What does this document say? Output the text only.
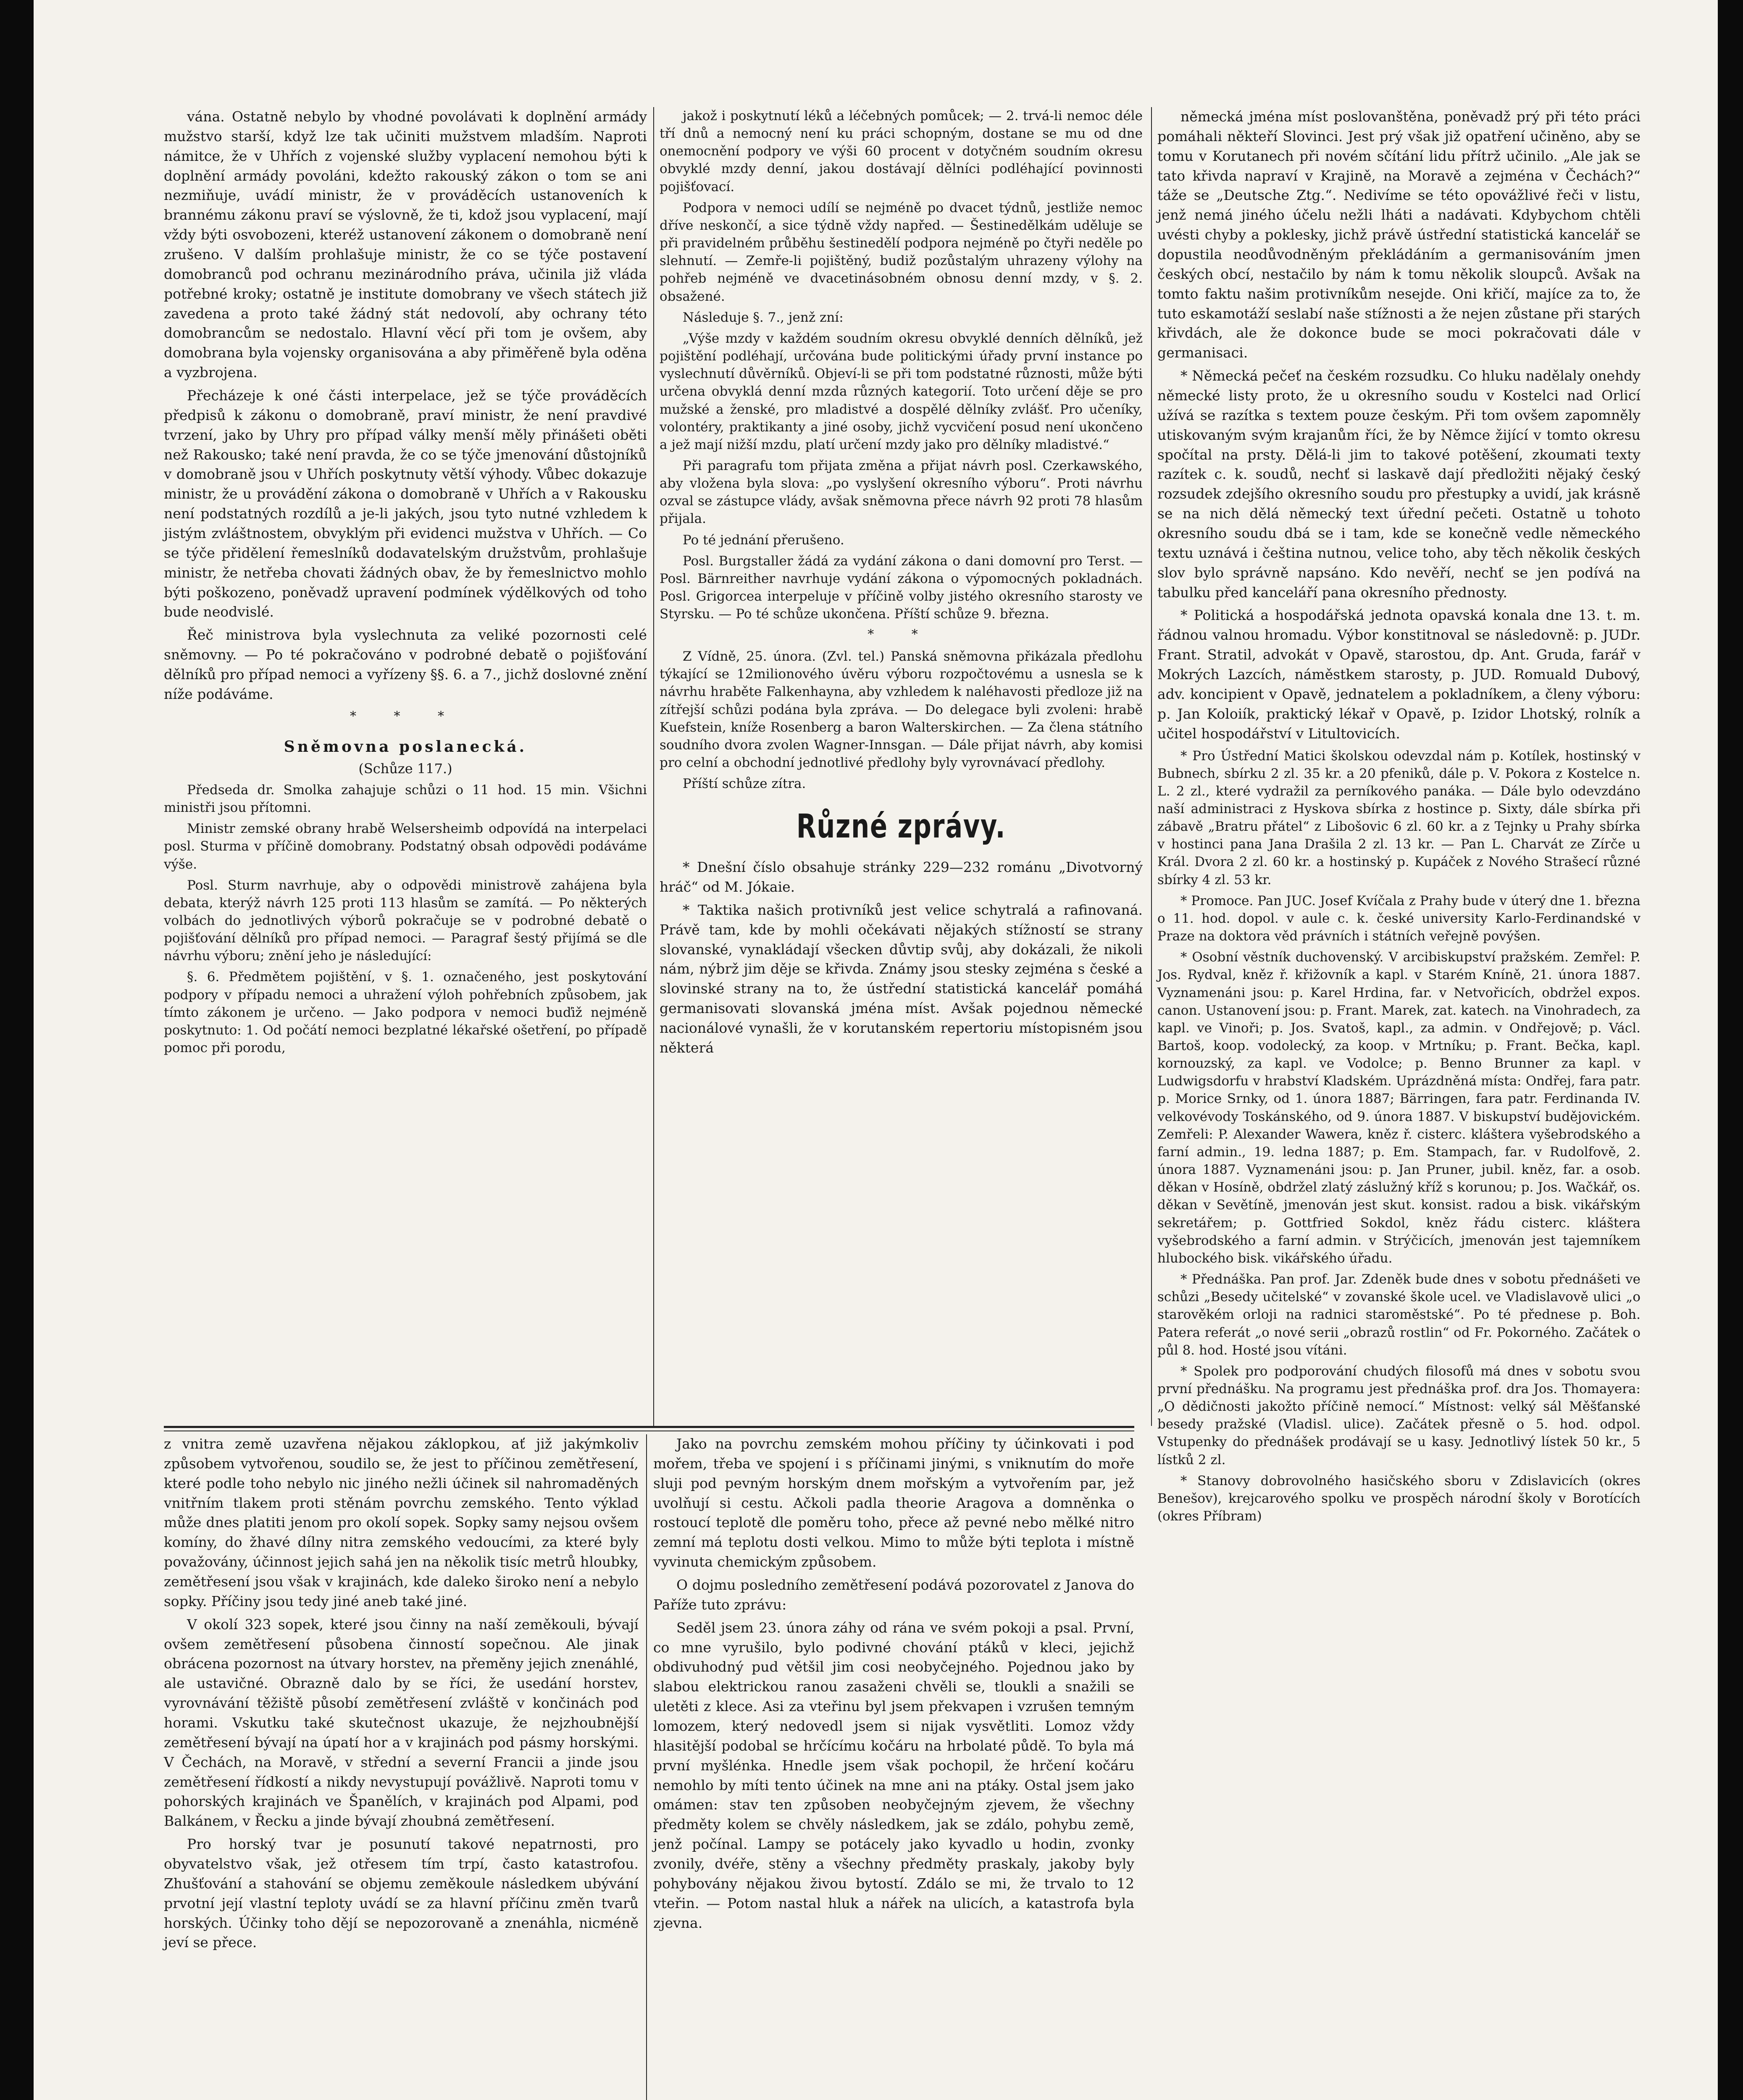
vána. Ostatně nebylo by vhodné povolávati k doplnění armády mužstvo starší, když lze tak učiniti mužstvem mladším. Naproti námitce, že v Uhřích z vojenské služby vyplacení nemohou býti k doplnění armády povoláni, kdežto rakouský zákon o tom se ani nezmiňuje, uvádí ministr, že v prováděcích ustanoveních k brannému zákonu praví se výslovně, že ti, kdož jsou vyplacení, mají vždy býti osvobozeni, kteréž ustanovení zákonem o domobraně není zrušeno. V dalším prohlašuje ministr, že co se týče postavení domobranců pod ochranu mezinárodního práva, učinila již vláda potřebné kroky; ostatně je institute domobrany ve všech státech již zavedena a proto také žádný stát nedovolí, aby ochrany této domobrancům se nedostalo. Hlavní věcí při tom je ovšem, aby domobrana byla vojensky organisována a aby přiměřeně byla oděna a vyzbrojena.

Přecházeje k oné části interpelace, jež se týče prováděcích předpisů k zákonu o domobraně, praví ministr, že není pravdivé tvrzení, jako by Uhry pro případ války menší měly přinášeti oběti než Rakousko; také není pravda, že co se týče jmenování důstojníků v domobraně jsou v Uhřích poskytnuty větší výhody. Vůbec dokazuje ministr, že u provádění zákona o domobraně v Uhřích a v Rakousku není podstatných rozdílů a je-li jakých, jsou tyto nutné vzhledem k jistým zvláštnostem, obvyklým při evidenci mužstva v Uhřích. — Co se týče přidělení řemeslníků dodavatelským družstvům, prohlašuje ministr, že netřeba chovati žádných obav, že by řemeslnictvo mohlo býti poškozeno, poněvadž upravení podmínek výdělkových od toho bude neodvislé.

Řeč ministrova byla vyslechnuta za veliké pozornosti celé sněmovny. — Po té pokračováno v podrobné debatě o pojišťování dělníků pro případ nemoci a vyřízeny §§. 6. a 7., jichž doslovné znění níže podáváme.

* * *
Sněmovna poslanecká.
(Schůze 117.)

Předseda dr. Smolka zahajuje schůzi o 11 hod. 15 min. Všichni ministři jsou přítomni.

Ministr zemské obrany hrabě Welsersheimb odpovídá na interpelaci posl. Sturma v příčině domobrany. Podstatný obsah odpovědi podáváme výše.

Posl. Sturm navrhuje, aby o odpovědi ministrově zahájena byla debata, kterýž návrh 125 proti 113 hlasům se zamítá. — Po některých volbách do jednotlivých výborů pokračuje se v podrobné debatě o pojišťování dělníků pro případ nemoci. — Paragraf šestý přijímá se dle návrhu výboru; znění jeho je následující:

§. 6. Předmětem pojištění, v §. 1. označeného, jest poskytování podpory v případu nemoci a uhražení výloh pohřebních způsobem, jak tímto zákonem je určeno. — Jako podpora v nemoci buďiž nejméně poskytnuto: 1. Od počátí nemoci bezplatné lékařské ošetření, po případě pomoc při porodu,

jakož i poskytnutí léků a léčebných pomůcek; — 2. trvá-li nemoc déle tří dnů a nemocný není ku práci schopným, dostane se mu od dne onemocnění podpory ve výši 60 procent v dotyčném soudním okresu obvyklé mzdy denní, jakou dostávají dělníci podléhající povinnosti pojišťovací.

Podpora v nemoci udílí se nejméně po dvacet týdnů, jestliže nemoc dříve neskončí, a sice týdně vždy napřed. — Šestinedělkám uděluje se při pravidelném průběhu šestinedělí podpora nejméně po čtyři neděle po slehnutí. — Zemře-li pojištěný, budiž pozůstalým uhrazeny výlohy na pohřeb nejméně ve dvacetinásobném obnosu denní mzdy, v §. 2. obsažené.

Následuje §. 7., jenž zní:

„Výše mzdy v každém soudním okresu obvyklé denních dělníků, jež pojištění podléhají, určována bude politickými úřady první instance po vyslechnutí důvěrníků. Objeví-li se při tom podstatné různosti, může býti určena obvyklá denní mzda různých kategorií. Toto určení děje se pro mužské a ženské, pro mladistvé a dospělé dělníky zvlášť. Pro učeníky, volontéry, praktikanty a jiné osoby, jichž vycvičení posud není ukončeno a jež mají nižší mzdu, platí určení mzdy jako pro dělníky mladistvé.“

Při paragrafu tom přijata změna a přijat návrh posl. Czerkawského, aby vložena byla slova: „po vyslyšení okresního výboru“. Proti návrhu ozval se zástupce vlády, avšak sněmovna přece návrh 92 proti 78 hlasům přijala.

Po té jednání přerušeno.

Posl. Burgstaller žádá za vydání zákona o dani domovní pro Terst. — Posl. Bärnreither navrhuje vydání zákona o výpomocných pokladnách. Posl. Grigorcea interpeluje v příčině volby jistého okresního starosty ve Styrsku. — Po té schůze ukončena. Příští schůze 9. března.

* *

Z Vídně, 25. února. (Zvl. tel.) Panská sněmovna přikázala předlohu týkající se 12milionového úvěru výboru rozpočtovému a usnesla se k návrhu hraběte Falkenhayna, aby vzhledem k naléhavosti předloze již na zítřejší schůzi podána byla zpráva. — Do delegace byli zvoleni: hrabě Kuefstein, kníže Rosenberg a baron Walterskirchen. — Za člena státního soudního dvora zvolen Wagner-Innsgan. — Dále přijat návrh, aby komisi pro celní a obchodní jednotlivé předlohy byly vyrovnávací předlohy.

Příští schůze zítra.

Různé zprávy.

* Dnešní číslo obsahuje stránky 229—232 románu „Divotvorný hráč“ od M. Jókaie.

* Taktika našich protivníků jest velice schytralá a rafinovaná. Právě tam, kde by mohli očekávati nějakých stížností se strany slovanské, vynakládají všecken důvtip svůj, aby dokázali, že nikoli nám, nýbrž jim děje se křivda. Známy jsou stesky zejména s české a slovinské strany na to, že ústřední statistická kancelář pomáhá germanisovati slovanská jména míst. Avšak pojednou německé nacionálové vynašli, že v korutanském repertoriu místopisném jsou některá

německá jména míst poslovanštěna, poněvadž prý při této práci pomáhali někteří Slovinci. Jest prý však již opatření učiněno, aby se tomu v Korutanech při novém sčítání lidu přítrž učinilo. „Ale jak se tato křivda napraví v Krajině, na Moravě a zejména v Čechách?“ táže se „Deutsche Ztg.“. Nedivíme se této opovážlivé řeči v listu, jenž nemá jiného účelu nežli lháti a nadávati. Kdybychom chtěli uvésti chyby a poklesky, jichž právě ústřední statistická kancelář se dopustila neodůvodněným překládáním a germanisováním jmen českých obcí, nestačilo by nám k tomu několik sloupců. Avšak na tomto faktu našim protivníkům nesejde. Oni křičí, majíce za to, že tuto eskamotáží seslabí naše stížnosti a že nejen zůstane při starých křivdách, ale že dokonce bude se moci pokračovati dále v germanisaci.

* Německá pečeť na českém rozsudku. Co hluku nadělaly onehdy německé listy proto, že u okresního soudu v Kostelci nad Orlicí užívá se razítka s textem pouze českým. Při tom ovšem zapomněly utiskovaným svým krajanům říci, že by Němce žijící v tomto okresu spočítal na prsty. Dělá-li jim to takové potěšení, zkoumati texty razítek c. k. soudů, nechť si laskavě dají předložiti nějaký český rozsudek zdejšího okresního soudu pro přestupky a uvidí, jak krásně se na nich dělá německý text úřední pečeti. Ostatně u tohoto okresního soudu dbá se i tam, kde se konečně vedle německého textu uznává i čeština nutnou, velice toho, aby těch několik českých slov bylo správně napsáno. Kdo nevěří, nechť se jen podívá na tabulku před kanceláří pana okresního přednosty.

* Politická a hospodářská jednota opavská konala dne 13. t. m. řádnou valnou hromadu. Výbor konstitnoval se následovně: p. JUDr. Frant. Stratil, advokát v Opavě, starostou, dp. Ant. Gruda, farář v Mokrých Lazcích, náměstkem starosty, p. JUD. Romuald Dubový, adv. koncipient v Opavě, jednatelem a pokladníkem, a členy výboru: p. Jan Koloiík, praktický lékař v Opavě, p. Izidor Lhotský, rolník a učitel hospodářství v Litultovicích.

* Pro Ústřední Matici školskou odevzdal nám p. Kotílek, hostinský v Bubnech, sbírku 2 zl. 35 kr. a 20 pfeniků, dále p. V. Pokora z Kostelce n. L. 2 zl., které vydražil za perníkového panáka. — Dále bylo odevzdáno naší administraci z Hyskova sbírka z hostince p. Sixty, dále sbírka při zábavě „Bratru přátel“ z Libošovic 6 zl. 60 kr. a z Tejnky u Prahy sbírka v hostinci pana Jana Drašila 2 zl. 13 kr. — Pan L. Charvát ze Zírče u Král. Dvora 2 zl. 60 kr. a hostinský p. Kupáček z Nového Strašecí různé sbírky 4 zl. 53 kr.

* Promoce. Pan JUC. Josef Kvíčala z Prahy bude v úterý dne 1. března o 11. hod. dopol. v aule c. k. české university Karlo-Ferdinandské v Praze na doktora věd právních i státních veřejně povýšen.

* Osobní věstník duchovenský. V arcibiskupství pražském. Zemřel: P. Jos. Rydval, kněz ř. křižovník a kapl. v Starém Kníně, 21. února 1887. Vyznamenáni jsou: p. Karel Hrdina, far. v Netvořicích, obdržel expos. canon. Ustanovení jsou: p. Frant. Marek, zat. katech. na Vinohradech, za kapl. ve Vinoři; p. Jos. Svatoš, kapl., za admin. v Ondřejově; p. Václ. Bartoš, koop. vodolecký, za koop. v Mrtníku; p. Frant. Bečka, kapl. kornouzský, za kapl. ve Vodolce; p. Benno Brunner za kapl. v Ludwigsdorfu v hrabství Kladském. Uprázdněná místa: Ondřej, fara patr. p. Morice Srnky, od 1. února 1887; Bärringen, fara patr. Ferdinanda IV. velkovévody Toskánského, od 9. února 1887. V biskupství budějovickém. Zemřeli: P. Alexander Wawera, kněz ř. cisterc. kláštera vyšebrodského a farní admin., 19. ledna 1887; p. Em. Stampach, far. v Rudolfově, 2. února 1887. Vyznamenáni jsou: p. Jan Pruner, jubil. kněz, far. a osob. děkan v Hosíně, obdržel zlatý záslužný kříž s korunou; p. Jos. Wačkář, os. děkan v Sevětíně, jmenován jest skut. konsist. radou a bisk. vikářským sekretářem; p. Gottfried Sokdol, kněz řádu cisterc. kláštera vyšebrodského a farní admin. v Strýčicích, jmenován jest tajemníkem hlubockého bisk. vikářského úřadu.

* Přednáška. Pan prof. Jar. Zdeněk bude dnes v sobotu přednášeti ve schůzi „Besedy učitelské“ v zovanské škole ucel. ve Vladislavově ulici „o starověkém orloji na radnici staroměstské“. Po té přednese p. Boh. Patera referát „o nové serii „obrazů rostlin“ od Fr. Pokorného. Začátek o půl 8. hod. Hosté jsou vítáni.

* Spolek pro podporování chudých filosofů má dnes v sobotu svou první přednášku. Na programu jest přednáška prof. dra Jos. Thomayera: „O dědičnosti jakožto příčině nemocí.“ Místnost: velký sál Měšťanské besedy pražské (Vladisl. ulice). Začátek přesně o 5. hod. odpol. Vstupenky do přednášek prodávají se u kasy. Jednotlivý lístek 50 kr., 5 lístků 2 zl.

* Stanovy dobrovolného hasičského sboru v Zdislavicích (okres Benešov), krejcarového spolku ve prospěch národní školy v Borotících (okres Příbram)

z vnitra země uzavřena nějakou záklopkou, ať již jakýmkoliv způsobem vytvořenou, soudilo se, že jest to příčinou zemětřesení, které podle toho nebylo nic jiného nežli účinek sil nahromaděných vnitřním tlakem proti stěnám povrchu zemského. Tento výklad může dnes platiti jenom pro okolí sopek. Sopky samy nejsou ovšem komíny, do žhavé dílny nitra zemského vedoucími, za které byly považovány, účinnost jejich sahá jen na několik tisíc metrů hloubky, zemětřesení jsou však v krajinách, kde daleko široko není a nebylo sopky. Příčiny jsou tedy jiné aneb také jiné.

V okolí 323 sopek, které jsou činny na naší zeměkouli, bývají ovšem zemětřesení působena činností sopečnou. Ale jinak obrácena pozornost na útvary horstev, na přeměny jejich znenáhlé, ale ustavičné. Obrazně dalo by se říci, že usedání horstev, vyrovnávání těžiště působí zemětřesení zvláště v končinách pod horami. Vskutku také skutečnost ukazuje, že nejzhoubnější zemětřesení bývají na úpatí hor a v krajinách pod pásmy horskými. V Čechách, na Moravě, v střední a severní Francii a jinde jsou zemětřesení řídkostí a nikdy nevystupují povážlivě. Naproti tomu v pohorských krajinách ve Španělích, v krajinách pod Alpami, pod Balkánem, v Řecku a jinde bývají zhoubná zemětřesení.

Pro horský tvar je posunutí takové nepatrnosti, pro obyvatelstvo však, jež otřesem tím trpí, často katastrofou. Zhušťování a stahování se objemu zeměkoule následkem ubývání prvotní její vlastní teploty uvádí se za hlavní příčinu změn tvarů horských. Účinky toho dějí se nepozorovaně a znenáhla, nicméně jeví se přece.

Jako na povrchu zemském mohou příčiny ty účinkovati i pod mořem, třeba ve spojení i s příčinami jinými, s vniknutím do moře sluji pod pevným horským dnem mořským a vytvořením par, jež uvolňují si cestu. Ačkoli padla theorie Aragova a domněnka o rostoucí teplotě dle poměru toho, přece až pevné nebo mělké nitro zemní má teplotu dosti velkou. Mimo to může býti teplota i místně vyvinuta chemickým způsobem.

O dojmu posledního zemětřesení podává pozorovatel z Janova do Paříže tuto zprávu:

Seděl jsem 23. února záhy od rána ve svém pokoji a psal. První, co mne vyrušilo, bylo podivné chování ptáků v kleci, jejichž obdivuhodný pud většil jim cosi neobyčejného. Pojednou jako by slabou elektrickou ranou zasaženi chvěli se, tloukli a snažili se uletěti z klece. Asi za vteřinu byl jsem překvapen i vzrušen temným lomozem, který nedovedl jsem si nijak vysvětliti. Lomoz vždy hlasitější podobal se hrčícímu kočáru na hrbolaté půdě. To byla má první myšlénka. Hnedle jsem však pochopil, že hrčení kočáru nemohlo by míti tento účinek na mne ani na ptáky. Ostal jsem jako omámen: stav ten způsoben neobyčejným zjevem, že všechny předměty kolem se chvěly následkem, jak se zdálo, pohybu země, jenž počínal. Lampy se potácely jako kyvadlo u hodin, zvonky zvonily, dvéře, stěny a všechny předměty praskaly, jakoby byly pohybovány nějakou živou bytostí. Zdálo se mi, že trvalo to 12 vteřin. — Potom nastal hluk a nářek na ulicích, a katastrofa byla zjevna.
